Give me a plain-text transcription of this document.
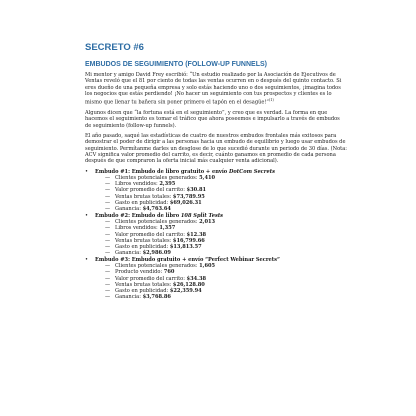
SECRETO #6
EMBUDOS DE SEGUIMIENTO (FOLLOW-UP FUNNELS)

Mi mentor y amigo David Frey escribió: “Un estudio realizado por la Asociación de Ejecutivos de Ventas reveló que el 81 por ciento de todas las ventas ocurren en o después del quinto contacto. Si eres dueño de una pequeña empresa y solo estás haciendo uno o dos seguimientos, ¡imagina todos los negocios que estás perdiendo! ¡No hacer un seguimiento con tus prospectos y clientes es lo mismo que llenar tu bañera sin poner primero el tapón en el desagüe!”$^{(1)}$

Algunos dicen que “la fortuna está en el seguimiento”, y creo que es verdad. La forma en que hacemos el seguimiento es tomar el tráfico que ahora poseemos e impulsarlo a través de embudos de seguimiento (follow-up funnels).

El año pasado, saqué las estadísticas de cuatro de nuestros embudos frontales más exitosos para demostrar el poder de dirigir a las personas hacia un embudo de equilibrio y luego usar embudos de seguimiento. Permítanme darles un desglose de lo que sucedió durante un periodo de 30 días. (Nota: ACV significa valor promedio del carrito, es decir, cuánto ganamos en promedio de cada persona después de que compraron la oferta inicial más cualquier venta adicional).

• Embudo #1: Embudo de libro gratuito + envío DotCom Secrets
— Clientes potenciales generados: 5,410
— Libros vendidos: 2,395
— Valor promedio del carrito: $30.81
— Ventas brutas totales: $73,789.95
— Gasto en publicidad: $69,026.31
— Ganancia: $4,763.64
• Embudo #2: Embudo de libro 108 Split Tests
— Clientes potenciales generados: 2,013
— Libros vendidos: 1,357
— Valor promedio del carrito: $12.38
— Ventas brutas totales: $16,799.66
— Gasto en publicidad: $13,813.57
— Ganancia: $2,986.09
• Embudo #3: Embudo gratuito + envío “Perfect Webinar Secrets”
— Clientes potenciales generados: 1,605
— Producto vendido: 760
— Valor promedio del carrito: $34.38
— Ventas brutas totales: $26,128.80
— Gasto en publicidad: $22,359.94
— Ganancia: $3,768.86
